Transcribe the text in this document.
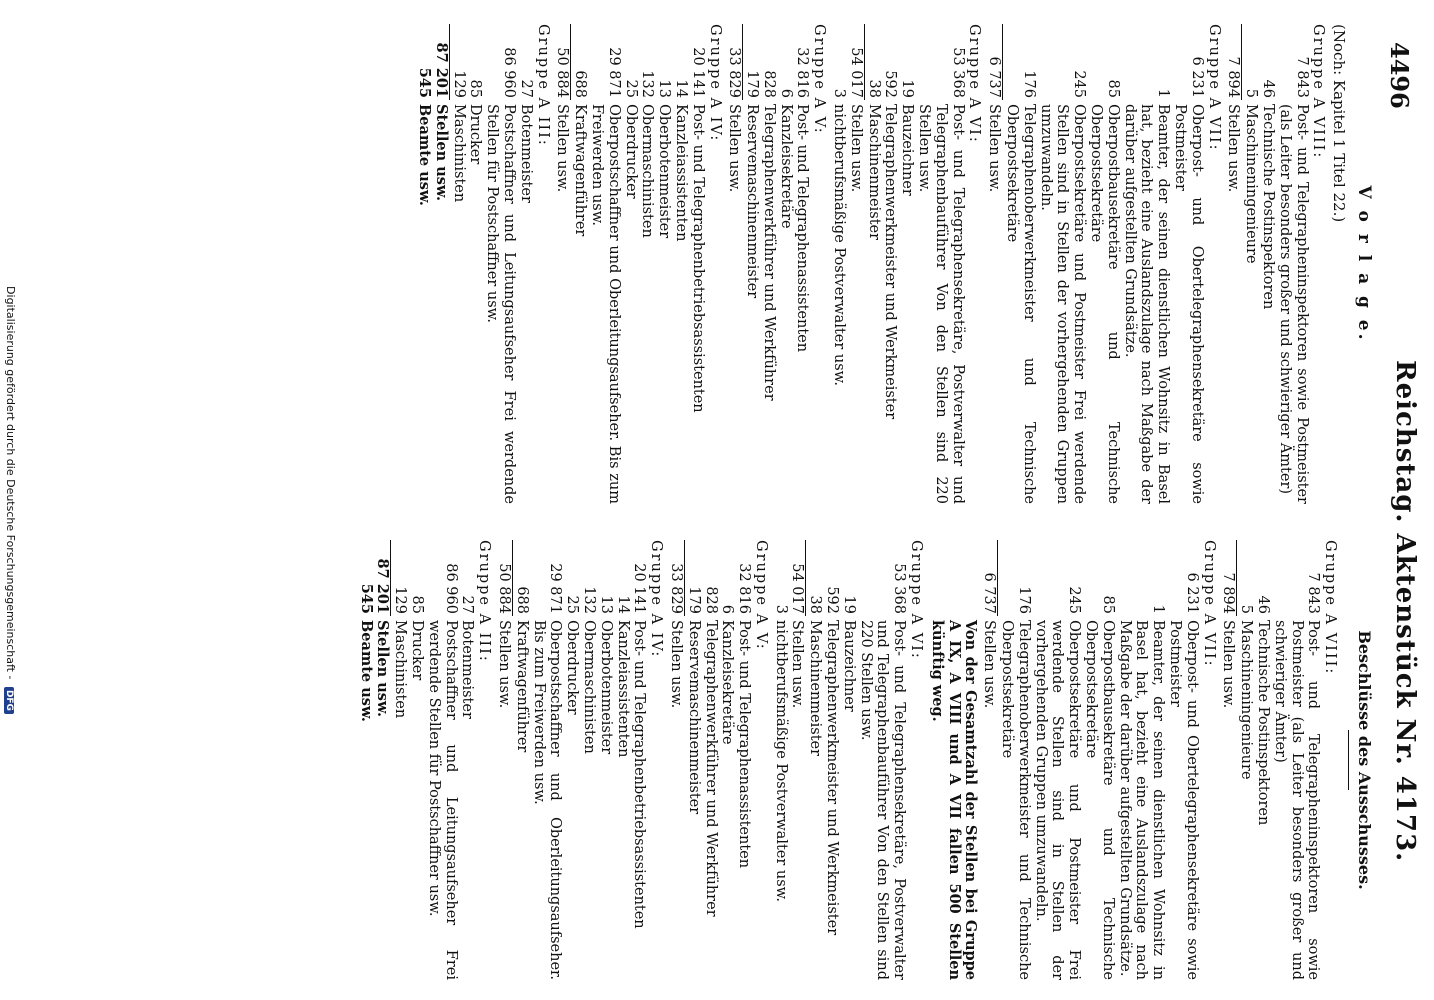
4496
Reichstag. Aktenstück Nr. 4173.
V o r l a g e.
(Noch: Kapitel 1 Titel 22.)
Gruppe A VIII:
7 843
Post- und Telegrapheninspektoren sowie Postmeister (als Leiter besonders großer und schwieriger Ämter)
46
Technische Postinspektoren
5
Maschineningenieure
7 894
Stellen usw.
Gruppe A VII:
6 231
Oberpost- und Obertelegraphensekretäre sowie Postmeister
1
Beamter, der seinen dienstlichen Wohnsitz in Basel hat, bezieht eine Auslandszulage nach Maßgabe der darüber aufgestellten Grundsätze.
85
Oberpostbausekretäre und Technische Oberpostsekretäre
245
Oberpostsekretäre und Postmeister Frei werdende Stellen sind in Stellen der vorhergehenden Gruppen umzuwandeln.
176
Telegraphenoberwerkmeister und Technische Oberpostsekretäre
6 737
Stellen usw.
Gruppe A VI:
53 368
Post- und Telegraphensekretäre, Postverwalter und Telegraphenbauführer Von den Stellen sind 220 Stellen usw.
19
Bauzeichner
592
Telegraphenwerkmeister und Werkmeister
38
Maschinenmeister
54 017
Stellen usw.
3
nichtberufsmäßige Postverwalter usw.
Gruppe A V:
32 816
Post- und Telegraphenassistenten
6
Kanzleisekretäre
828
Telegraphenwerkführer und Werkführer
179
Reservemaschinenmeister
33 829
Stellen usw.
Gruppe A IV:
20 141
Post- und Telegraphenbetriebsassistenten
14
Kanzleiassistenten
13
Oberbotenmeister
132
Obermaschinisten
25
Oberdrucker
29 871
Oberpostschaffner und Oberleitungsaufseher. Bis zum Freiwerden usw.
688
Kraftwagenführer
50 884
Stellen usw.
Gruppe A III:
27
Botenmeister
86 960
Postschaffner und Leitungsaufseher Frei werdende Stellen für Postschaffner usw.
85
Drucker
129
Maschinisten
87 201
Stellen usw.
545
Beamte usw.
Beschlüsse des Ausschusses.
Gruppe A VIII:
7 843
Post- und Telegrapheninspektoren sowie Postmeister (als Leiter besonders großer und schwieriger Ämter)
46
Technische Postinspektoren
5
Maschineningenieure
7 894
Stellen usw.
Gruppe A VII:
6 231
Oberpost- und Obertelegraphensekretäre sowie Postmeister
1
Beamter, der seinen dienstlichen Wohnsitz in Basel hat, bezieht eine Auslandszulage nach Maßgabe der darüber aufgestellten Grundsätze.
85
Oberpostbausekretäre und Technische Oberpostsekretäre
245
Oberpostsekretäre und Postmeister Frei werdende Stellen sind in Stellen der vorhergehenden Gruppen umzuwandeln.
176
Telegraphenoberwerkmeister und Technische Oberpostsekretäre
6 737
Stellen usw.
Von der Gesamtzahl der Stellen bei Gruppe A IX, A VIII und A VII fallen 500 Stellen künftig weg.
Gruppe A VI:
53 368
Post- und Telegraphensekretäre, Postverwalter und Telegraphenbauführer Von den Stellen sind 220 Stellen usw.
19
Bauzeichner
592
Telegraphenwerkmeister und Werkmeister
38
Maschinenmeister
54 017
Stellen usw.
3
nichtberufsmäßige Postverwalter usw.
Gruppe A V:
32 816
Post- und Telegraphenassistenten
6
Kanzleisekretäre
828
Telegraphenwerkführer und Werkführer
179
Reservemaschinenmeister
33 829
Stellen usw.
Gruppe A IV:
20 141
Post- und Telegraphenbetriebsassistenten
14
Kanzleiassistenten
13
Oberbotenmeister
132
Obermaschinisten
25
Oberdrucker
29 871
Oberpostschaffner und Oberleitungsaufseher. Bis zum Freiwerden usw.
688
Kraftwagenführer
50 884
Stellen usw.
Gruppe A III:
27
Botenmeister
86 960
Postschaffner und Leitungsaufseher Frei werdende Stellen für Postschaffner usw.
85
Drucker
129
Maschinisten
87 201
Stellen usw.
545
Beamte usw.
Digitalisierung gefördert durch die Deutsche Forschungsgemeinschaft - DFG
